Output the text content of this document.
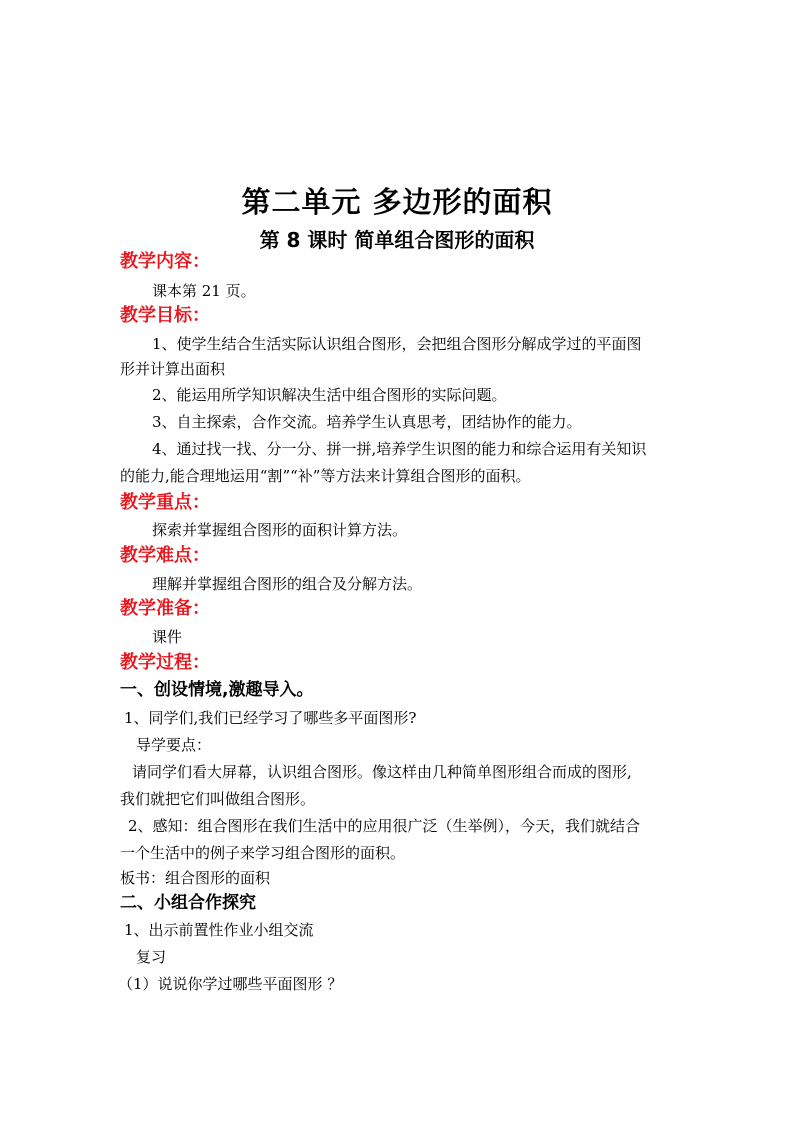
第二单元 多边形的面积
第 8 课时 简单组合图形的面积
教学内容：
课本第 21 页。
教学目标：
1、使学生结合生活实际认识组合图形，会把组合图形分解成学过的平面图
形并计算出面积
2、能运用所学知识解决生活中组合图形的实际问题。
3、自主探索，合作交流。培养学生认真思考，团结协作的能力。
4、通过找一找、分一分、拼一拼,培养学生识图的能力和综合运用有关知识
的能力,能合理地运用“割”“补”等方法来计算组合图形的面积。
教学重点：
探索并掌握组合图形的面积计算方法。
教学难点：
理解并掌握组合图形的组合及分解方法。
教学准备：
课件
教学过程：
一、创设情境,激趣导入。
1、同学们,我们已经学习了哪些多平面图形?
导学要点：
请同学们看大屏幕，认识组合图形。像这样由几种简单图形组合而成的图形,
我们就把它们叫做组合图形。
2、感知：组合图形在我们生活中的应用很广泛（生举例），今天，我们就结合
一个生活中的例子来学习组合图形的面积。
板书：组合图形的面积
二、小组合作探究
1、出示前置性作业小组交流
复习
（1）说说你学过哪些平面图形 ？
